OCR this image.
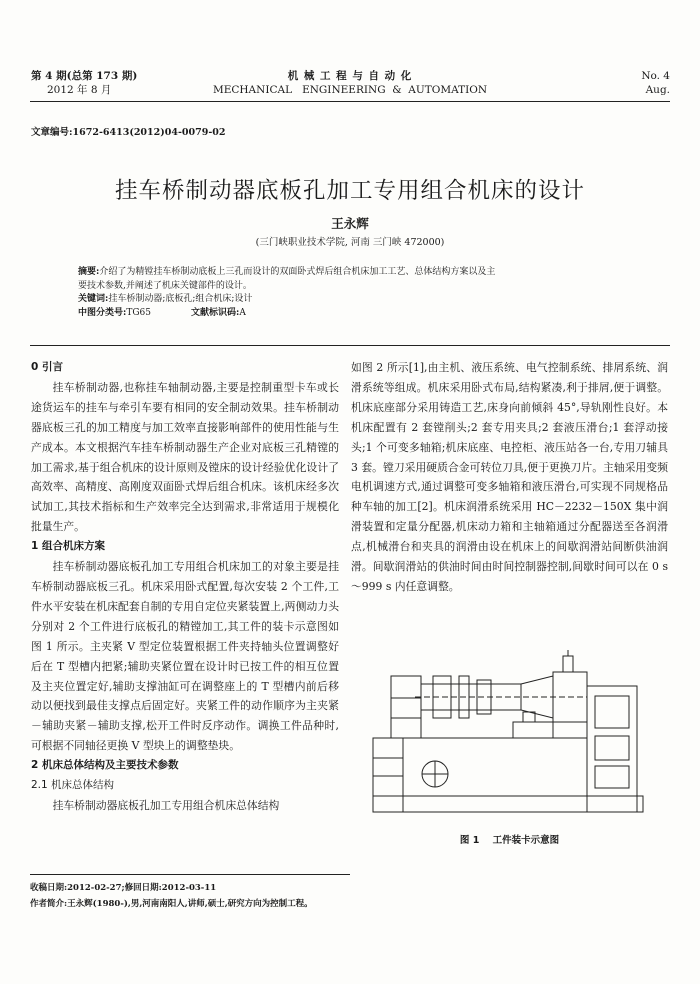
第 4 期(总第 173 期)
2012 年 8 月
机 械 工 程 与 自 动 化
MECHANICAL   ENGINEERING  &  AUTOMATION
No. 4
Aug.
文章编号:1672-6413(2012)04-0079-02
挂车桥制动器底板孔加工专用组合机床的设计
王永辉
(三门峡职业技术学院, 河南 三门峡 472000)
摘要:介绍了为精镗挂车桥制动底板上三孔而设计的双面卧式焊后组合机床加工工艺、总体结构方案以及主
要技术参数,并阐述了机床关键部件的设计。
关键词:挂车桥制动器;底板孔;组合机床;设计
中图分类号:TG65	文献标识码:A

0 引言

挂车桥制动器,也称挂车轴制动器,主要是控制重型卡车或长途货运车的挂车与牵引车要有相同的安全制动效果。挂车桥制动器底板三孔的加工精度与加工效率直接影响部件的使用性能与生产成本。本文根据汽车挂车桥制动器生产企业对底板三孔精镗的加工需求,基于组合机床的设计原则及镗床的设计经验优化设计了高效率、高精度、高刚度双面卧式焊后组合机床。该机床经多次试加工,其技术指标和生产效率完全达到需求,非常适用于规模化批量生产。

1 组合机床方案

挂车桥制动器底板孔加工专用组合机床加工的对象主要是挂车桥制动器底板三孔。机床采用卧式配置,每次安装 2 个工件,工件水平安装在机床配套自制的专用自定位夹紧装置上,两侧动力头分别对 2 个工件进行底板孔的精镗加工,其工件的装卡示意图如图 1 所示。主夹紧 V 型定位装置根据工件夹持轴头位置调整好后在 T 型槽内把紧;辅助夹紧位置在设计时已按工件的相互位置及主夹位置定好,辅助支撑油缸可在调整座上的 T 型槽内前后移动以便找到最佳支撑点后固定好。夹紧工件的动作顺序为主夹紧－辅助夹紧－辅助支撑,松开工件时反序动作。调换工件品种时,可根据不同轴径更换 V 型块上的调整垫块。

2 机床总体结构及主要技术参数

2.1 机床总体结构

挂车桥制动器底板孔加工专用组合机床总体结构

如图 2 所示[1],由主机、液压系统、电气控制系统、排屑系统、润滑系统等组成。机床采用卧式布局,结构紧凑,利于排屑,便于调整。机床底座部分采用铸造工艺,床身向前倾斜 45°,导轨刚性良好。本机床配置有 2 套镗削头;2 套专用夹具;2 套液压滑台;1 套浮动接头;1 个可变多轴箱;机床底座、电控柜、液压站各一台,专用刀辅具 3 套。镗刀采用硬质合金可转位刀具,便于更换刀片。主轴采用变频电机调速方式,通过调整可变多轴箱和液压滑台,可实现不同规格品种车轴的加工[2]。机床润滑系统采用 HC－2232－150X 集中润滑装置和定量分配器,机床动力箱和主轴箱通过分配器送至各润滑点,机械滑台和夹具的润滑由设在机床上的间歇润滑站间断供油润滑。间歇润滑站的供油时间由时间控制器控制,间歇时间可以在 0 s～999 s 内任意调整。

图 1    工件装卡示意图
收稿日期:2012-02-27;修回日期:2012-03-11
作者简介:王永辉(1980-),男,河南南阳人,讲师,硕士,研究方向为控制工程。
